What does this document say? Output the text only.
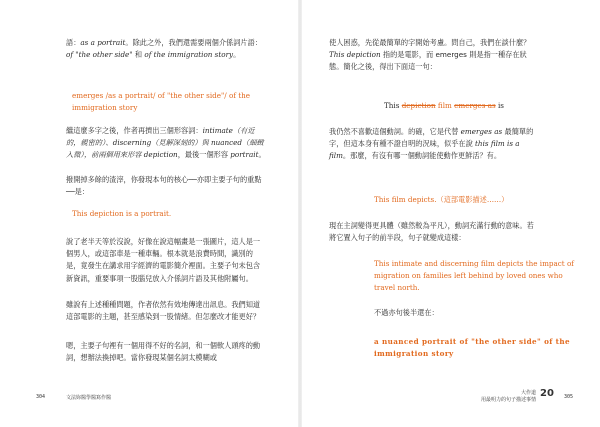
語：as a portrait。除此之外，我們還需要兩個介係詞片語：of "the other side" 和 of the immigration story。
emerges /as a portrait/ of "the other side"/ of the immigration story
繼這麼多字之後，作者再擠出三個形容詞：intimate（有近的，親密的）、discerning（見解深刻的）與 nuanced（細緻入微），前兩個用來形容 depiction，最後一個形容 portrait。
撥開掉多餘的渣滓，你發現本句的核心──亦即主要子句的重點──是：
This depiction is a portrait.
說了老半天等於沒說，好像在說這幅畫是一張圖片，這人是一個男人，或這部車是一種車輛。根本就是浪費時間，識別的是，竟發生在講求用字經濟的電影簡介裡面。主要子句未包含新資訊，重要事項一股腦兒放入介係詞片語及其他附屬句。
雖說有上述種種問題，作者依然有效地傳達出訊息。我們知道這部電影的主題，甚至感染到一股情緒。但怎麼改才能更好？
嗯，主要子句裡有一個用得不好的名詞，和一個軟人頭疼的動詞，想辦法換掉吧。當你發現某個名詞太模糊或
304	文法妳醫學醫寫作醫
使人困惑，先從最簡單的字開始考慮。問自己，我們在談什麼？This depiction 指的是電影，而 emerges 則是指一種存在狀態。簡化之後，得出下面這一句：
This depiction film emerges as is
我仍然不喜歡這個動詞。的確，它是代替 emerges as 最簡單的字，但這本身有種不證自明的況味，似乎在說 this film is a film。那麼，有沒有哪一個動詞能使動作更鮮活？有。
This film depicts.（這部電影描述……）
現在主詞變得更具體（雖然較為平凡），動詞充滿行動的意味。若將它置入句子的前半段，句子就變成這樣：
This intimate and discerning film depicts the impact of migration on families left behind by loved ones who travel north.
不過亦句後半還在：
a nuanced portrait of "the other side" of the immigration story
大作道
用最明力的句子描述事情
20 305
